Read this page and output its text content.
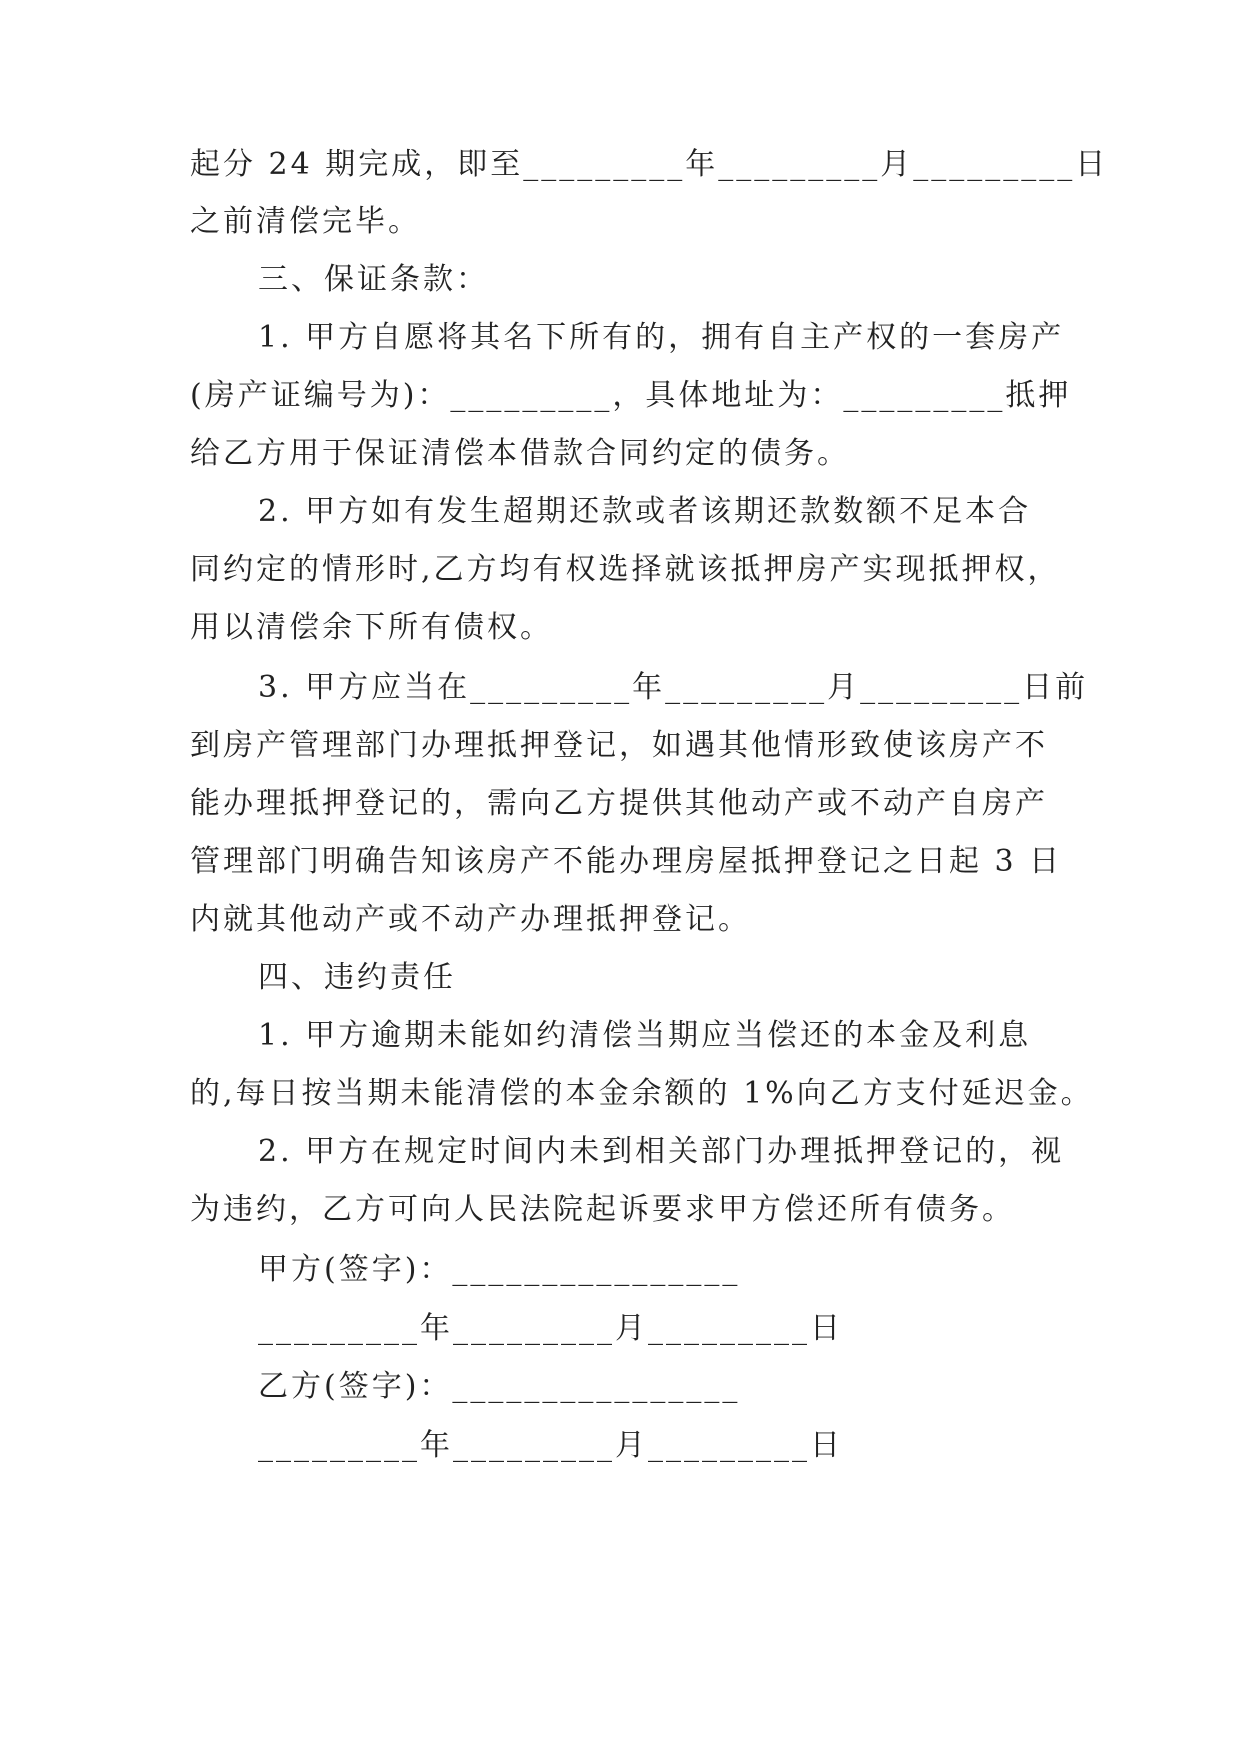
起分 24 期完成，即至_________年_________月_________日
之前清偿完毕。
三、保证条款：
1. 甲方自愿将其名下所有的，拥有自主产权的一套房产
(房产证编号为)：_________，具体地址为：_________抵押
给乙方用于保证清偿本借款合同约定的债务。
2. 甲方如有发生超期还款或者该期还款数额不足本合
同约定的情形时,乙方均有权选择就该抵押房产实现抵押权，
用以清偿余下所有债权。
3. 甲方应当在_________年_________月_________日前
到房产管理部门办理抵押登记，如遇其他情形致使该房产不
能办理抵押登记的，需向乙方提供其他动产或不动产自房产
管理部门明确告知该房产不能办理房屋抵押登记之日起 3 日
内就其他动产或不动产办理抵押登记。
四、违约责任
1. 甲方逾期未能如约清偿当期应当偿还的本金及利息
的,每日按当期未能清偿的本金余额的 1%向乙方支付延迟金。
2. 甲方在规定时间内未到相关部门办理抵押登记的，视
为违约，乙方可向人民法院起诉要求甲方偿还所有债务。
甲方(签字)：________________
_________年_________月_________日
乙方(签字)：________________
_________年_________月_________日
